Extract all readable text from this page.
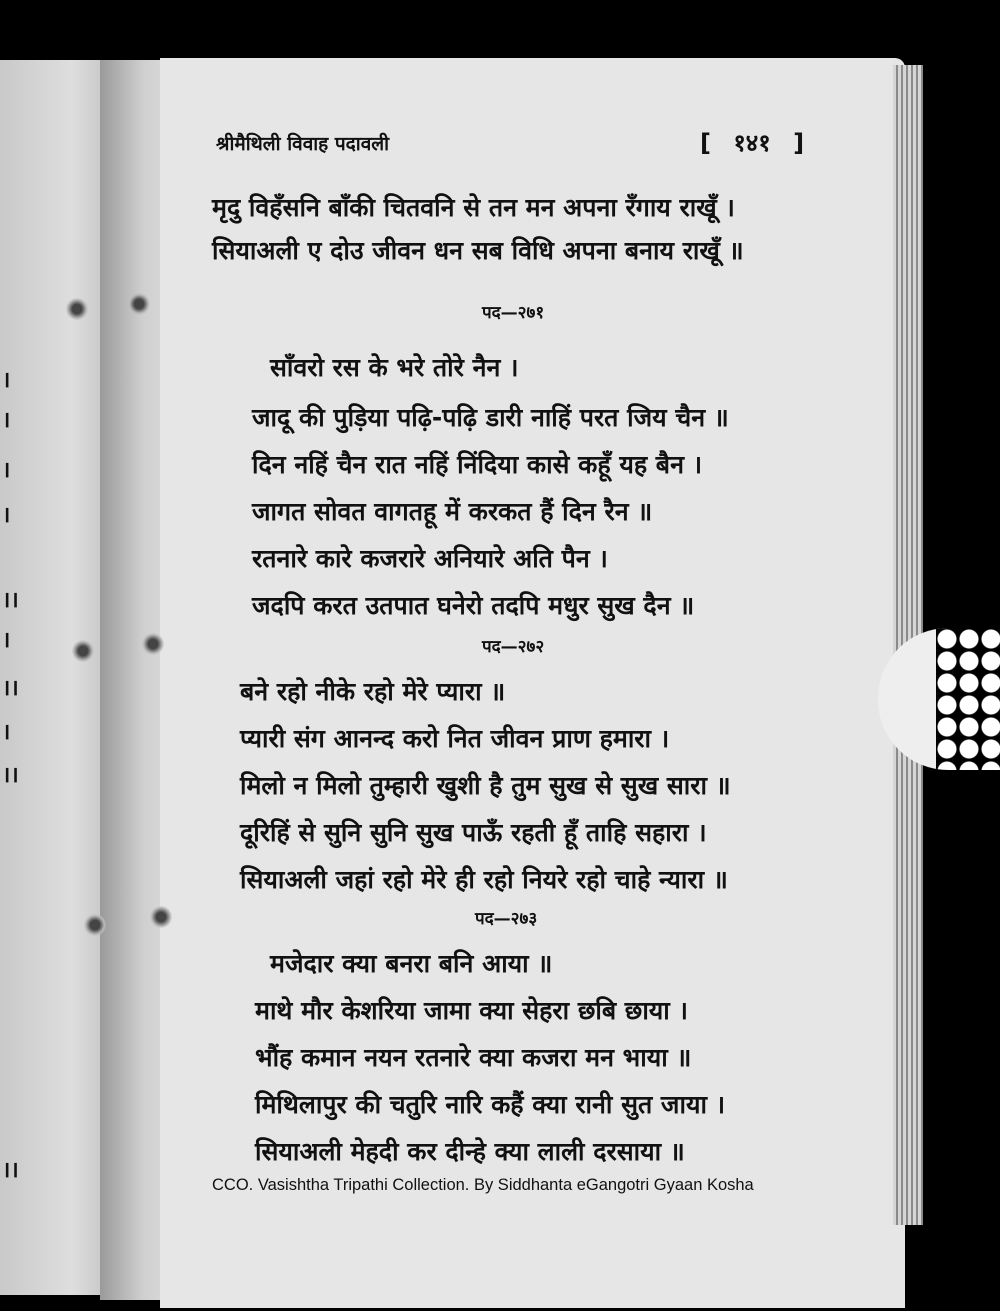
।
।
।
।
।।
।
।।
।
।।
।।
श्रीमैथिली विवाह पदावली	[ १४१ ]
मृदु विहँसनि बाँकी चितवनि से तन मन अपना रँगाय राखूँ ।
सियाअली ए दोउ जीवन धन सब विधि अपना बनाय राखूँ ॥
पद—२७१
साँवरो रस के भरे तोरे नैन ।
जादू की पुड़िया पढ़ि-पढ़ि डारी नाहिं परत जिय चैन ॥
दिन नहिं चैन रात नहिं निंदिया कासे कहूँ यह बैन ।
जागत सोवत वागतहू में करकत हैं दिन रैन ॥
रतनारे कारे कजरारे अनियारे अति पैन ।
जदपि करत उतपात घनेरो तदपि मधुर सुख दैन ॥
पद—२७२
बने रहो नीके रहो मेरे प्यारा ॥
प्यारी संग आनन्द करो नित जीवन प्राण हमारा ।
मिलो न मिलो तुम्हारी खुशी है तुम सुख से सुख सारा ॥
दूरिहिं से सुनि सुनि सुख पाऊँ रहती हूँ ताहि सहारा ।
सियाअली जहां रहो मेरे ही रहो नियरे रहो चाहे न्यारा ॥
पद—२७३
मजेदार क्या बनरा बनि आया ॥
माथे मौर केशरिया जामा क्या सेहरा छबि छाया ।
भौंह कमान नयन रतनारे क्या कजरा मन भाया ॥
मिथिलापुर की चतुरि नारि कहैं क्या रानी सुत जाया ।
सियाअली मेहदी कर दीन्हे क्या लाली दरसाया ॥
CCO. Vasishtha Tripathi Collection. By Siddhanta eGangotri Gyaan Kosha
